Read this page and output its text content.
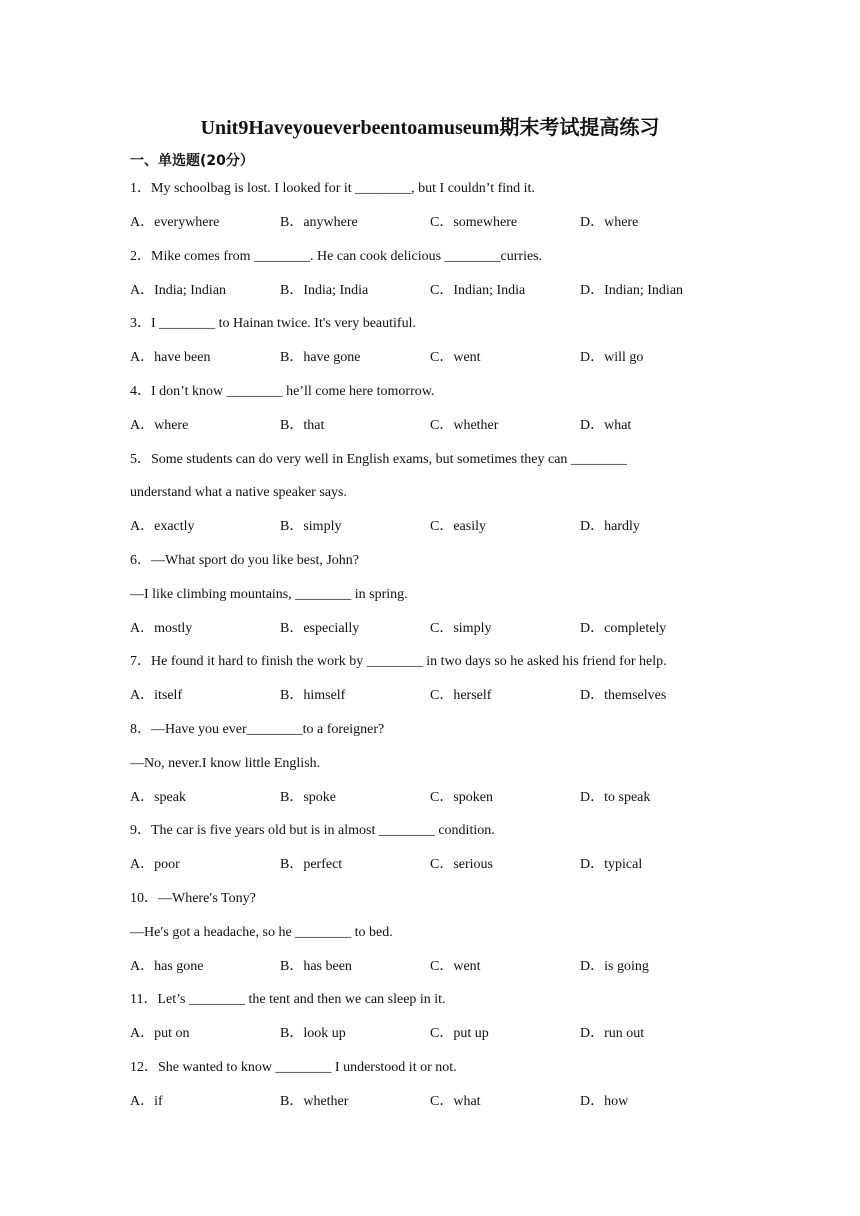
Unit9Haveyoueverbeentoamuseum期末考试提高练习
一、单选题(20分）
1．My schoolbag is lost. I looked for it ________, but I couldn’t find it.
A．everywhere	B．anywhere	C．somewhere	D．where
2．Mike comes from ________. He can cook delicious ________curries.
A．India; Indian	B．India; India	C．Indian; India	D．Indian; Indian
3．I ________ to Hainan twice. It's very beautiful.
A．have been	B．have gone	C．went	D．will go
4．I don’t know ________ he’ll come here tomorrow.
A．where	B．that	C．whether	D．what
5．Some students can do very well in English exams, but sometimes they can ________
understand what a native speaker says.
A．exactly	B．simply	C．easily	D．hardly
6．—What sport do you like best, John?
—I like climbing mountains, ________ in spring.
A．mostly	B．especially	C．simply	D．completely
7．He found it hard to finish the work by ________ in two days so he asked his friend for help.
A．itself	B．himself	C．herself	D．themselves
8．—Have you ever________to a foreigner?
—No, never.I know little English.
A．speak	B．spoke	C．spoken	D．to speak
9．The car is five years old but is in almost ________ condition.
A．poor	B．perfect	C．serious	D．typical
10．—Where′s Tony?
—He′s got a headache, so he ________ to bed.
A．has gone	B．has been	C．went	D．is going
11．Let’s ________ the tent and then we can sleep in it.
A．put on	B．look up	C．put up	D．run out
12．She wanted to know ________ I understood it or not.
A．if	B．whether	C．what	D．how
